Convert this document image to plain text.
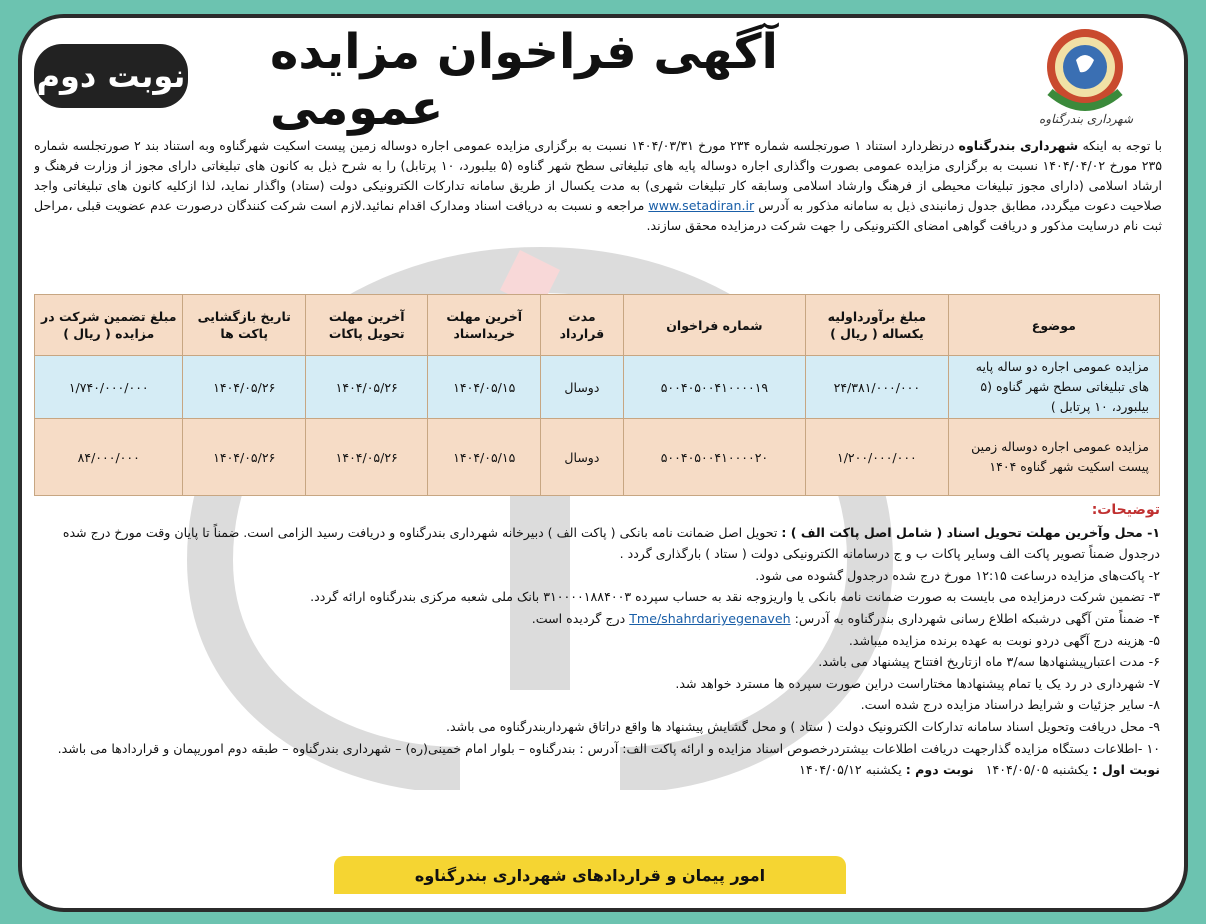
نوبت دوم آگهی فراخوان مزایده عمومی	شهرداری بندرگناوه
با توجه به اینکه شهرداری بندرگناوه درنظردارد استناد ۱ صورتجلسه شماره ۲۳۴ مورخ ۱۴۰۴/۰۳/۳۱ نسبت به برگزاری مزایده عمومی اجاره دوساله زمین پیست اسکیت شهرگناوه وبه استناد بند ۲ صورتجلسه شماره ۲۳۵ مورخ ۱۴۰۴/۰۴/۰۲ نسبت به برگزاری مزایده عمومی بصورت واگذاری اجاره دوساله پایه های تبلیغاتی سطح شهر گناوه (۵ بیلبورد، ۱۰ پرتابل) را به شرح ذیل به کانون های تبلیغاتی دارای مجوز از وزارت فرهنگ و ارشاد اسلامی (دارای مجوز تبلیغات محیطی از فرهنگ وارشاد اسلامی وسابقه کار تبلیغات شهری) به مدت یکسال از طریق سامانه تدارکات الکترونیکی دولت (ستاد) واگذار نماید، لذا ازکلیه کانون های تبلیغاتی واجد صلاحیت دعوت میگردد، مطابق جدول زمانبندی ذیل به سامانه مذکور به آدرس www.setadiran.ir مراجعه و نسبت به دریافت اسناد ومدارک اقدام نمائید.لازم است شرکت کنندگان درصورت عدم عضویت قبلی ،مراحل ثبت نام درسایت مذکور و دریافت گواهی امضای الکترونیکی را جهت شرکت درمزایده محقق سازند.
موضوع	مبلغ برآورداولیه یکساله ( ریال )	شماره فراخوان	مدت قرارداد	آخرین مهلت خریداسناد	آخرین مهلت تحویل پاکات	تاریخ بازگشایی پاکت ها	مبلغ تضمین شرکت در مزایده ( ریال )
مزایده عمومی اجاره دو ساله پایه های تبلیغاتی سطح شهر گناوه (۵ بیلبورد، ۱۰ پرتابل )	۲۴/۳۸۱/۰۰۰/۰۰۰	۵۰۰۴۰۵۰۰۴۱۰۰۰۰۱۹	دوسال	۱۴۰۴/۰۵/۱۵	۱۴۰۴/۰۵/۲۶	۱۴۰۴/۰۵/۲۶	۱/۷۴۰/۰۰۰/۰۰۰
مزایده عمومی اجاره دوساله زمین پیست اسکیت شهر گناوه ۱۴۰۴	۱/۲۰۰/۰۰۰/۰۰۰	۵۰۰۴۰۵۰۰۴۱۰۰۰۰۲۰	دوسال	۱۴۰۴/۰۵/۱۵	۱۴۰۴/۰۵/۲۶	۱۴۰۴/۰۵/۲۶	۸۴/۰۰۰/۰۰۰

توضیحات:

۱- محل وآخرین مهلت تحویل اسناد ( شامل اصل پاکت الف ) : تحویل اصل ضمانت نامه بانکی ( پاکت الف ) دبیرخانه شهرداری بندرگناوه و دریافت رسید الزامی است. ضمناً تا پایان وقت مورخ درج شده درجدول ضمناً تصویر پاکت الف وسایر پاکات ب و ج درسامانه الکترونیکی دولت ( ستاد ) بارگذاری گردد .

۲- پاکت‌های مزایده درساعت ۱۲:۱۵ مورخ درج شده درجدول گشوده می شود.

۳- تضمین شرکت درمزایده می بایست به صورت ضمانت نامه بانکی یا واریزوجه نقد به حساب سپرده ۳۱۰۰۰۰۱۸۸۴۰۰۳ بانک ملی شعبه مرکزی بندرگناوه ارائه گردد.

۴- ضمناً متن آگهی درشبکه اطلاع رسانی شهرداری بندرگناوه به آدرس: Tme/shahrdariyegenaveh درج گردیده است.

۵- هزینه درج آگهی دردو نوبت به عهده برنده مزایده میباشد.

۶- مدت اعتبارپیشنهادها سه/۳ ماه ازتاریخ افتتاح پیشنهاد می باشد.

۷- شهرداری در رد یک یا تمام پیشنهادها مختاراست دراین صورت سپرده ها مسترد خواهد شد.

۸- سایر جزئیات و شرایط دراسناد مزایده درج شده است.

۹- محل دریافت وتحویل اسناد سامانه تدارکات الکترونیک دولت ( ستاد ) و محل گشایش پیشنهاد ها واقع دراتاق شهرداربندرگناوه می باشد.

۱۰ -اطلاعات دستگاه مزایده گذارجهت دریافت اطلاعات بیشتردرخصوص اسناد مزایده و ارائه پاکت الف: آدرس : بندرگناوه – بلوار امام خمینی(ره) – شهرداری بندرگناوه – طبقه دوم اموریپمان و قراردادها می باشد.

نوبت اول : یکشنبه ۱۴۰۴/۰۵/۰۵   نوبت دوم : یکشنبه ۱۴۰۴/۰۵/۱۲

امور پیمان و قراردادهای شهرداری بندرگناوه
